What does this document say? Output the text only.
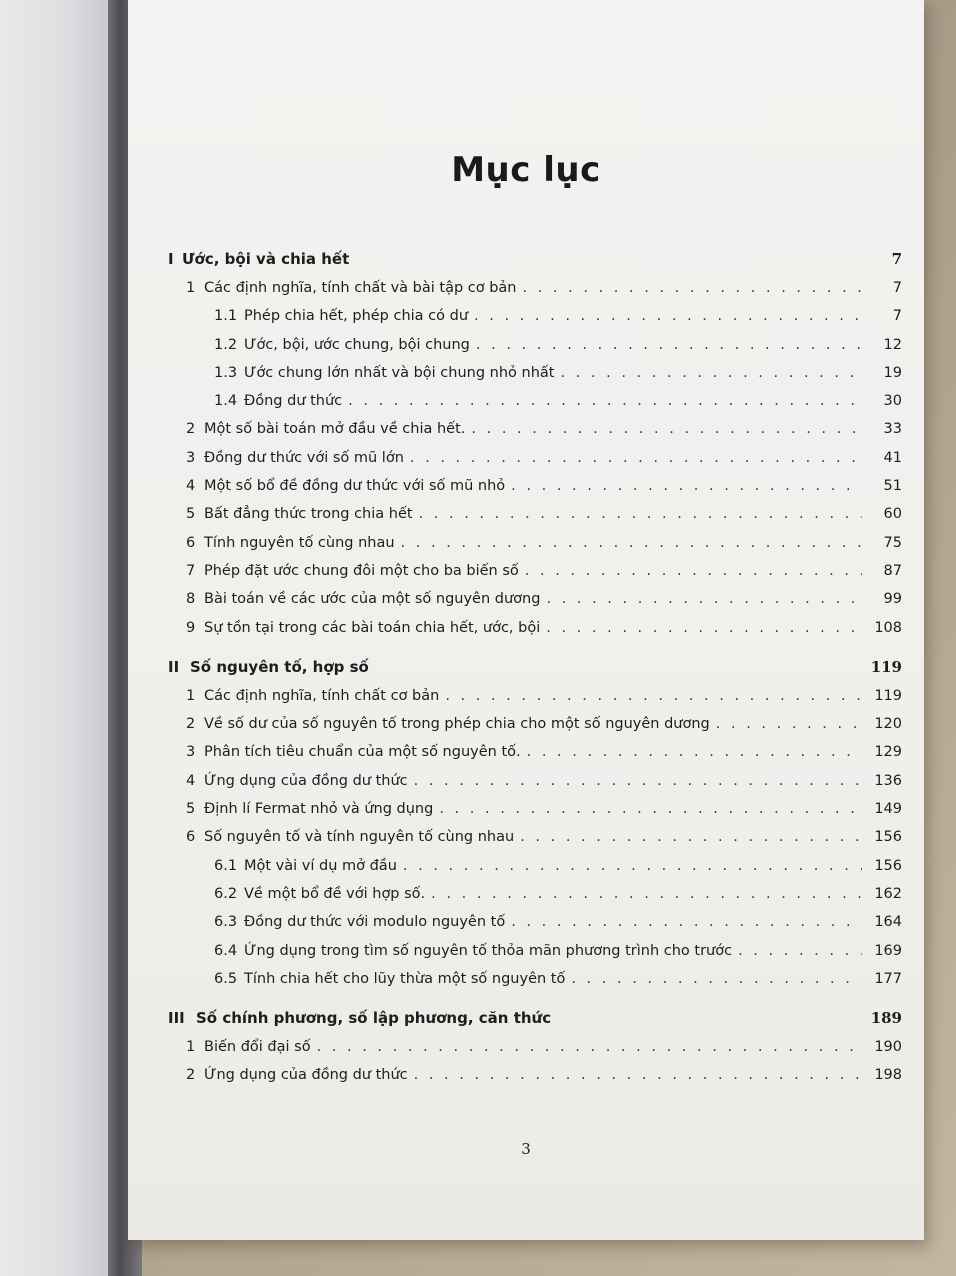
Mục lục
I Ước, bội và chia hết	7
1 Các định nghĩa, tính chất và bài tập cơ bản . . .	7
1.1 Phép chia hết, phép chia có dư . . .	7
1.2 Ước, bội, ước chung, bội chung . . .	12
1.3 Ước chung lớn nhất và bội chung nhỏ nhất . . .	19
1.4 Đồng dư thức . . .	30
2 Một số bài toán mở đầu về chia hết. . . .	33
3 Đồng dư thức với số mũ lớn . . .	41
4 Một số bổ đề đồng dư thức với số mũ nhỏ . . .	51
5 Bất đẳng thức trong chia hết . . .	60
6 Tính nguyên tố cùng nhau . . .	75
7 Phép đặt ước chung đôi một cho ba biến số . . .	87
8 Bài toán về các ước của một số nguyên dương . . .	99
9 Sự tồn tại trong các bài toán chia hết, ước, bội . . .	108
II Số nguyên tố, hợp số	119
1 Các định nghĩa, tính chất cơ bản . . .	119
2 Về số dư của số nguyên tố trong phép chia cho một số nguyên dương . . .	120
3 Phân tích tiêu chuẩn của một số nguyên tố. . . .	129
4 Ứng dụng của đồng dư thức . . .	136
5 Định lí Fermat nhỏ và ứng dụng . . .	149
6 Số nguyên tố và tính nguyên tố cùng nhau . . .	156
6.1 Một vài ví dụ mở đầu . . .	156
6.2 Về một bổ đề với hợp số. . . .	162
6.3 Đồng dư thức với modulo nguyên tố . . .	164
6.4 Ứng dụng trong tìm số nguyên tố thỏa mãn phương trình cho trước . . .	169
6.5 Tính chia hết cho lũy thừa một số nguyên tố . . .	177
III Số chính phương, số lập phương, căn thức	189
1 Biến đổi đại số . . .	190
2 Ứng dụng của đồng dư thức . . .	198
3
